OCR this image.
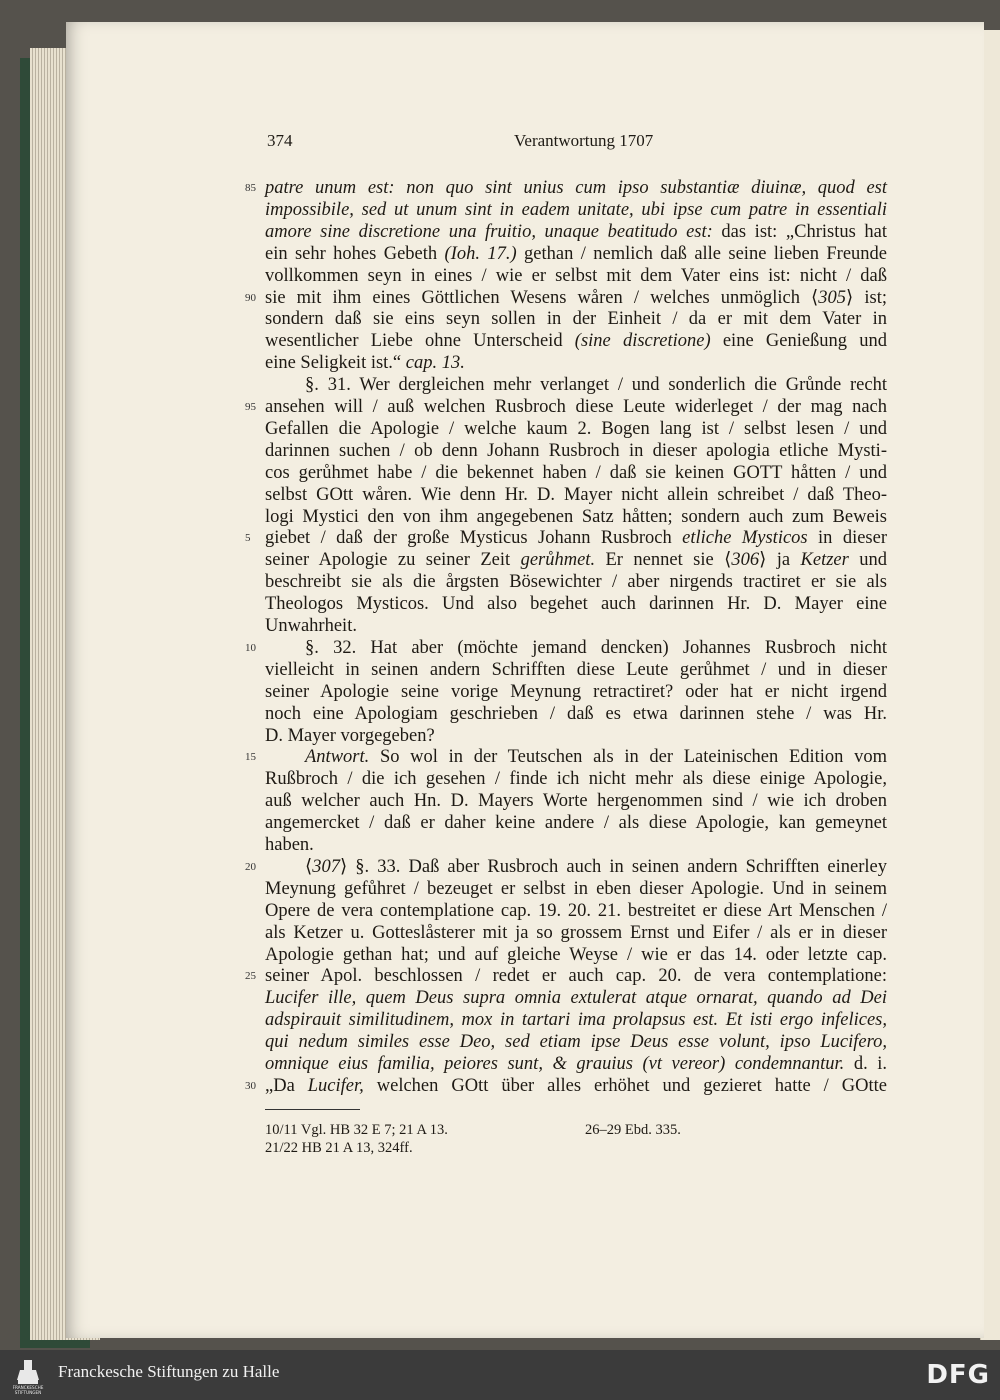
374	Verantwortung 1707
85 patre unum est: non quo sint unius cum ipso substantiæ diuinæ, quod est
impossibile, sed ut unum sint in eadem unitate, ubi ipse cum patre in essentiali
amore sine discretione una fruitio, unaque beatitudo est: das ist: „Christus hat
ein sehr hohes Gebeth (Ioh. 17.) gethan / nemlich daß alle seine lieben Freunde
vollkommen seyn in eines / wie er selbst mit dem Vater eins ist: nicht / daß
90 sie mit ihm eines Göttlichen Wesens wåren / welches unmöglich ⟨305⟩ ist;
sondern daß sie eins seyn sollen in der Einheit / da er mit dem Vater in
wesentlicher Liebe ohne Unterscheid (sine discretione) eine Genießung und
eine Seligkeit ist.“ cap. 13.
§. 31. Wer dergleichen mehr verlanget / und sonderlich die Grůnde recht
95 ansehen will / auß welchen Rusbroch diese Leute widerleget / der mag nach
Gefallen die Apologie / welche kaum 2. Bogen lang ist / selbst lesen / und
darinnen suchen / ob denn Johann Rusbroch in dieser apologia etliche Mysti-
cos gerůhmet habe / die bekennet haben / daß sie keinen GOTT håtten / und
selbst GOtt wåren. Wie denn Hr. D. Mayer nicht allein schreibet / daß Theo-
logi Mystici den von ihm angegebenen Satz håtten; sondern auch zum Beweis
5 giebet / daß der große Mysticus Johann Rusbroch etliche Mysticos in dieser
seiner Apologie zu seiner Zeit gerůhmet. Er nennet sie ⟨306⟩ ja Ketzer und
beschreibt sie als die årgsten Bösewichter / aber nirgends tractiret er sie als
Theologos Mysticos. Und also begehet auch darinnen Hr. D. Mayer eine
Unwahrheit.
10	§. 32. Hat aber (möchte jemand dencken) Johannes Rusbroch nicht
vielleicht in seinen andern Schrifften diese Leute gerůhmet / und in dieser
seiner Apologie seine vorige Meynung retractiret? oder hat er nicht irgend
noch eine Apologiam geschrieben / daß es etwa darinnen stehe / was Hr.
D. Mayer vorgegeben?
15	Antwort. So wol in der Teutschen als in der Lateinischen Edition vom
Rußbroch / die ich gesehen / finde ich nicht mehr als diese einige Apologie,
auß welcher auch Hn. D. Mayers Worte hergenommen sind / wie ich droben
angemercket / daß er daher keine andere / als diese Apologie, kan gemeynet
haben.
20	⟨307⟩ §. 33. Daß aber Rusbroch auch in seinen andern Schrifften einerley
Meynung gefůhret / bezeuget er selbst in eben dieser Apologie. Und in seinem
Opere de vera contemplatione cap. 19. 20. 21. bestreitet er diese Art Menschen /
als Ketzer u. Gotteslåsterer mit ja so grossem Ernst und Eifer / als er in dieser
Apologie gethan hat; und auf gleiche Weyse / wie er das 14. oder letzte cap.
25 seiner Apol. beschlossen / redet er auch cap. 20. de vera contemplatione:
Lucifer ille, quem Deus supra omnia extulerat atque ornarat, quando ad Dei
adspirauit similitudinem, mox in tartari ima prolapsus est. Et isti ergo infelices,
qui nedum similes esse Deo, sed etiam ipse Deus esse volunt, ipso Lucifero,
omnique eius familia, peiores sunt, & grauius (vt vereor) condemnantur. d. i.
30 „Da Lucifer, welchen GOtt über alles erhöhet und gezieret hatte / GOtte
10/11 Vgl. HB 32 E 7; 21 A 13.	26–29 Ebd. 335.
21/22 HB 21 A 13, 324ff.
FRANCKESCHE
STIFTUNGEN
Franckesche Stiftungen zu Halle	DFG
